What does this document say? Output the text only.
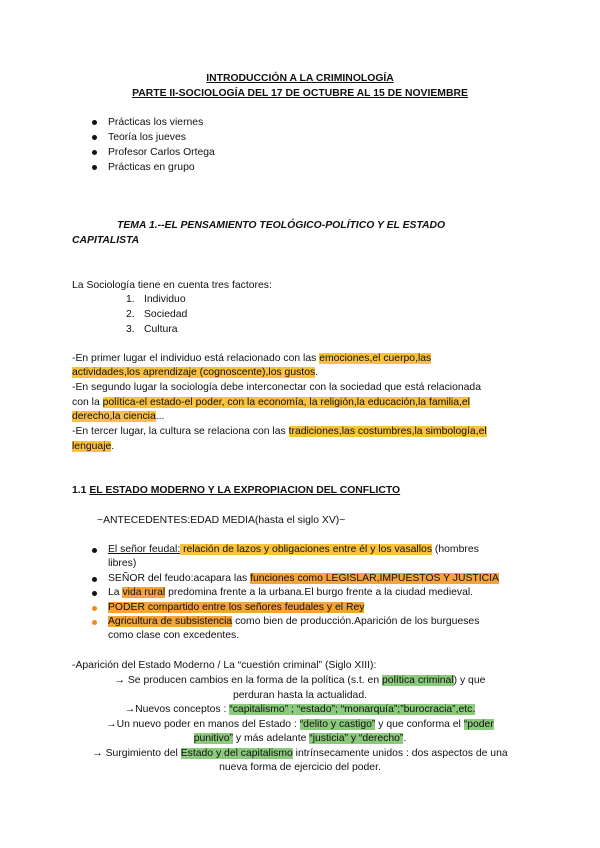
INTRODUCCIÓN A LA CRIMINOLOGÍA
PARTE II-SOCIOLOGÍA DEL 17 DE OCTUBRE AL 15 DE NOVIEMBRE
Prácticas los viernes
Teoría los jueves
Profesor Carlos Ortega
Prácticas en grupo
TEMA 1.--EL PENSAMIENTO TEOLÓGICO-POLÍTICO Y EL ESTADO
CAPITALISTA
La Sociología tiene en cuenta tres factores:
1. Individuo
2. Sociedad
3. Cultura
-En primer lugar el individuo está relacionado con las emociones,el cuerpo,las
actividades,los aprendizaje (cognoscente),los gustos.
-En segundo lugar la sociología debe interconectar con la sociedad que está relacionada
con la política-el estado-el poder, con la economía, la religión,la educación,la familia,el
derecho,la ciencia...
-En tercer lugar, la cultura se relaciona con las tradiciones,las costumbres,la simbología,el
lenguaje.
1.1 EL ESTADO MODERNO Y LA EXPROPIACION DEL CONFLICTO
~ANTECEDENTES:EDAD MEDIA(hasta el siglo XV)~
El señor feudal: relación de lazos y obligaciones entre él y los vasallos (hombres
libres)
SEÑOR del feudo:acapara las funciones como LEGISLAR,IMPUESTOS Y JUSTICIA
La vida rural predomina frente a la urbana.El burgo frente a la ciudad medieval.
PODER compartido entre los señores feudales y el Rey
Agricultura de subsistencia como bien de producción.Aparición de los burgueses
como clase con excedentes.
-Aparición del Estado Moderno / La “cuestión criminal” (Siglo XIII):
→ Se producen cambios en la forma de la política (s.t. en política criminal) y que
perduran hasta la actualidad.
→Nuevos conceptos : “capitalismo” ; “estado”; “monarquía”;”burocracia”,etc.
→Un nuevo poder en manos del Estado : “delito y castigo” y que conforma el “poder
punitivo” y más adelante “justicia” y “derecho”.
→ Surgimiento del Estado y del capitalismo intrínsecamente unidos : dos aspectos de una
nueva forma de ejercicio del poder.
